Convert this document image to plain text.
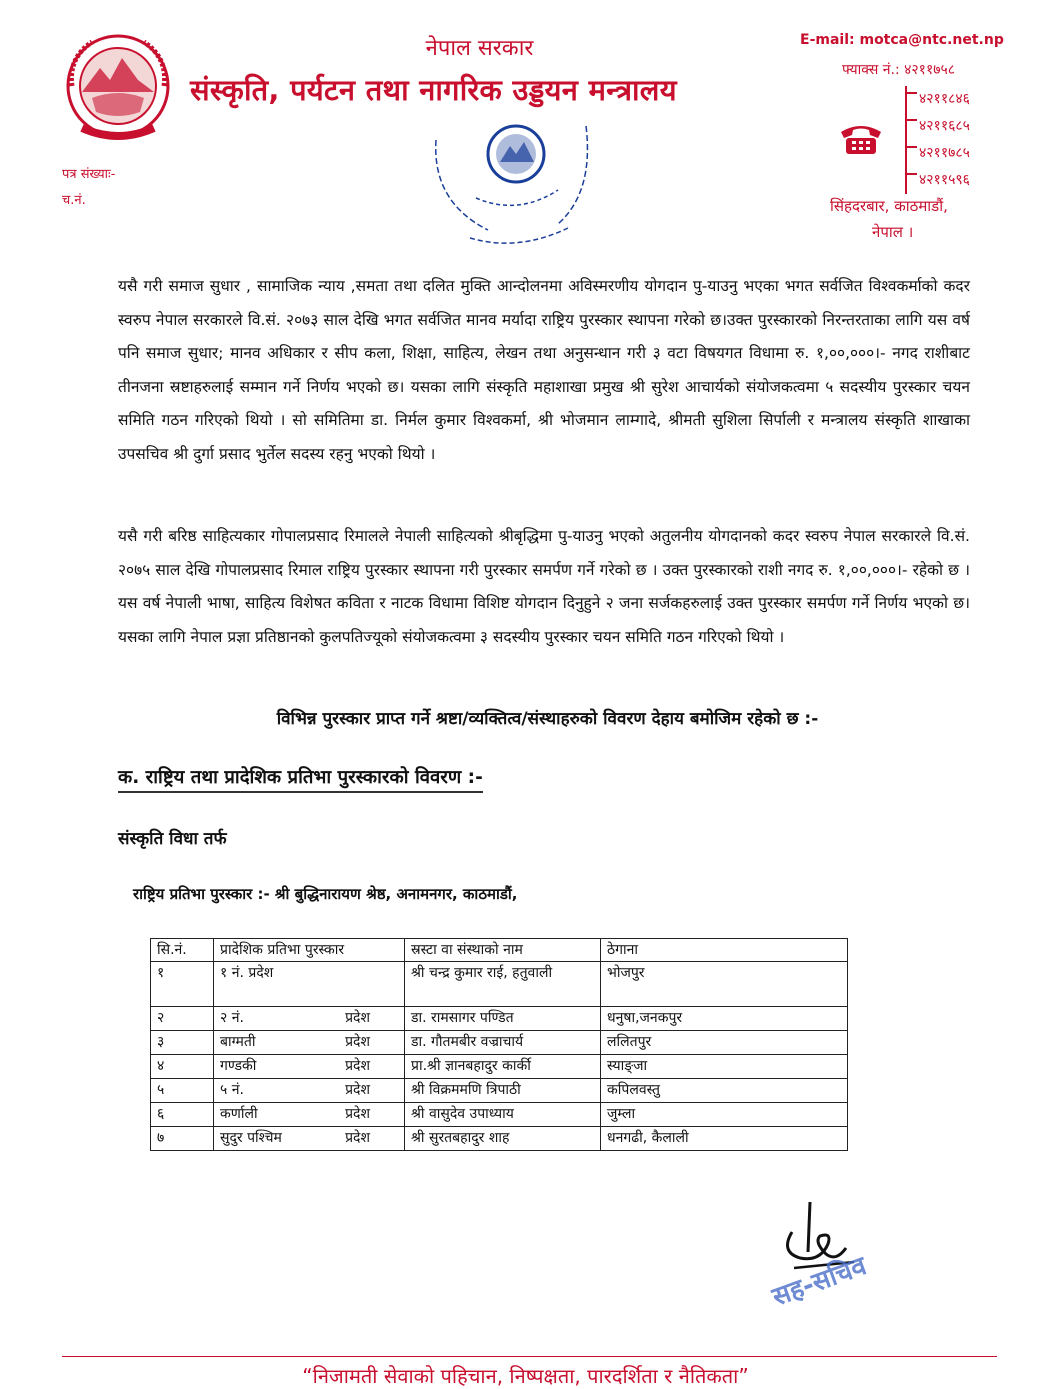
नेपाल सरकार
संस्कृति, पर्यटन तथा नागरिक उड्डयन मन्त्रालय
E-mail: motca@ntc.net.np
फ्याक्स नं.: ४२११७५८
४२११८४६
४२११६८५
४२११७८५
४२११५९६
सिंहदरबार, काठमाडौं,
नेपाल ।
पत्र संख्याः-
च.नं.
यसै गरी समाज सुधार , सामाजिक न्याय ,समता तथा दलित मुक्ति आन्दोलनमा अविस्मरणीय योगदान पु-याउनु भएका भगत सर्वजित विश्वकर्माको कदर स्वरुप नेपाल सरकारले वि.सं. २०७३ साल देखि भगत सर्वजित मानव मर्यादा राष्ट्रिय पुरस्कार स्थापना गरेको छ।उक्त पुरस्कारको निरन्तरताका लागि यस वर्ष पनि समाज सुधार; मानव अधिकार र सीप कला, शिक्षा, साहित्य, लेखन तथा अनुसन्धान गरी ३ वटा विषयगत विधामा रु. १,००,०००।- नगद राशीबाट तीनजना स्रष्टाहरुलाई सम्मान गर्ने निर्णय भएको छ। यसका लागि संस्कृति महाशाखा प्रमुख श्री सुरेश आचार्यको संयोजकत्वमा ५ सदस्यीय पुरस्कार चयन समिति गठन गरिएको थियो । सो समितिमा डा. निर्मल कुमार विश्वकर्मा, श्री भोजमान लाम्गादे, श्रीमती सुशिला सिर्पाली र मन्त्रालय संस्कृति शाखाका उपसचिव श्री दुर्गा प्रसाद भुर्तेल सदस्य रहनु भएको थियो ।
यसै गरी बरिष्ठ साहित्यकार गोपालप्रसाद रिमालले नेपाली साहित्यको श्रीबृद्धिमा पु-याउनु भएको अतुलनीय योगदानको कदर स्वरुप नेपाल सरकारले वि.सं. २०७५ साल देखि गोपालप्रसाद रिमाल राष्ट्रिय पुरस्कार स्थापना गरी पुरस्कार समर्पण गर्ने गरेको छ । उक्त पुरस्कारको राशी नगद रु. १,००,०००।- रहेको छ । यस वर्ष नेपाली भाषा, साहित्य विशेषत कविता र नाटक विधामा विशिष्ट योगदान दिनुहुने २ जना सर्जकहरुलाई उक्त पुरस्कार समर्पण गर्ने निर्णय भएको छ। यसका लागि नेपाल प्रज्ञा प्रतिष्ठानको कुलपतिज्यूको संयोजकत्वमा ३ सदस्यीय पुरस्कार चयन समिति गठन गरिएको थियो ।
विभिन्न पुरस्कार प्राप्त गर्ने श्रष्टा/व्यक्तित्व/संस्थाहरुको विवरण देहाय बमोजिम रहेको छ :-
क. राष्ट्रिय तथा प्रादेशिक प्रतिभा पुरस्कारको विवरण :-
संस्कृति विधा तर्फ
राष्ट्रिय प्रतिभा पुरस्कार :- श्री बुद्धिनारायण श्रेष्ठ, अनामनगर, काठमाडौं,
सि.नं.	प्रादेशिक प्रतिभा पुरस्कार	स्रस्टा वा संस्थाको नाम	ठेगाना
१	१ नं. प्रदेश	श्री चन्द्र कुमार राई, हतुवाली	भोजपुर
२	२ नं. प्रदेश	डा. रामसागर पण्डित	धनुषा,जनकपुर
३	बाग्मती प्रदेश	डा. गौतमबीर वज्राचार्य	ललितपुर
४	गण्डकी प्रदेश	प्रा.श्री ज्ञानबहादुर कार्की	स्याङ्जा
५	५ नं. प्रदेश	श्री विक्रममणि त्रिपाठी	कपिलवस्तु
६	कर्णाली प्रदेश	श्री वासुदेव उपाध्याय	जुम्ला
७	सुदुर पश्चिम प्रदेश	श्री सुरतबहादुर शाह	धनगढी, कैलाली
सह-सचिव
“निजामती सेवाको पहिचान, निष्पक्षता, पारदर्शिता र नैतिकता”
